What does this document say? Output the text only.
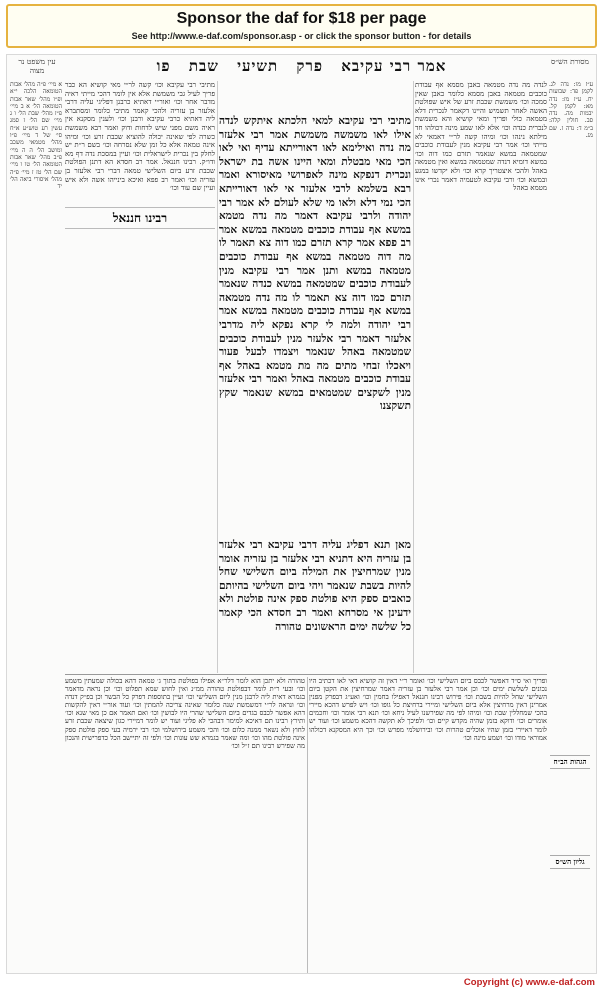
Sponsor the daf for $18 per page
See http://www.e-daf.com/sponsor.asp - or click the sponsor button - for details
עין משפט נר מצוה	אמר רבי עקיבא פרק תשיעי שבת פו	מסורת הש״ס
א מיי׳ פ״ה מהל׳ אבות הטומאה הלכה י״א ופ״ו מהל׳ שאר אבות הטומאה הל׳ א ב מיי׳ פ״ז מהל׳ שבת הל׳ ו ג מיי׳ שם הל׳ ז סמג עשין רע טוש״ע א״ח סי׳ של ד מיי׳ פ״ו מהל׳ מטמאי משכב ומושב הל׳ ה ה מיי׳ פ״ב מהל׳ שאר אבות הטומאה הל׳ טו ו מיי׳ שם הל׳ טז ז מיי׳ פ״ה מהל׳ איסורי ביאה הל׳ יד
מתיבי רבי עקיבא וכו׳ קשה לר״י מאי קושיא הא כבר פריך לעיל גבי משמשת אלא אין לומר דהכי מייתי ראיה מדבר אחר וכו׳ ואור״י דאתיא כרבנן דפליגי עליה דרבי אלעזר בן עזריה ולהכי קאמר מתיבי כלומר ומסתברא ליה דאתיא כרבי עקיבא ורבנן וכו׳ ולענין מסקנא אין ראיה משם מפני שיש לדחות ודוק ואמר רבא משמשת כשרה לפי שאינה יכולה להוציא שכבת זרע וכו׳ ומיהו אינה טמאה אלא כל זמן שלא נסרחה וכו׳ בשם ר״ת יש לחלק בין נכרית לישראלית וכו׳ ועיין במסכת נדה דף מא ודו״ק. רבינו חננאל. אמר רב חסדא הא דתנן הפולטת שכבת זרע ביום השלישי טמאה דברי רבי אלעזר בן עזריה וכו׳ ואמר רב פפא ואיכא בינייהו אשה ולא איש ועיין שם עוד וכו׳
רבינו חננאל
מתיבי רבי עקיבא למאי הלכתא איתקש לנדה אילו לאו משמשה משמשת אמר רבי אלעזר מה נדה ואילימא לאו דאורייתא עדיף ואי לאו הכי מאי מבטלת ומאי היינו אשה בת ישראל ונכרית דנפקא מינה לאפרושי מאיסורא ואמר רבא בשלמא לרבי אלעזר אי לאו דאורייתא הכי נמי דלא ולאו מי שלא לעולם לא אמר רבי יהודה ולרבי עקיבא דאמר מה נדה מטמא במשא אף עבודת כוכבים מטמאה במשא אמר רב פפא אמר קרא תזרם כמו דוה צא תאמר לו מה דוה מטמאה במשא אף עבודת כוכבים מטמאה במשא ותנן אמר רבי עקיבא מנין לעבודת כוכבים שמטמאה במשא כנדה שנאמר תזרם כמו דוה צא תאמר לו מה נדה מטמאה במשא אף עבודת כוכבים מטמאה במשא אמר רבי יהודה ולמה לי קרא נפקא ליה מדרבי אלעזר דאמר רבי אלעזר מנין לעבודת כוכבים שמטמאה באהל שנאמר ויצמדו לבעל פעור ויאכלו זבחי מתים מה מת מטמא באהל אף עבודת כוכבים מטמאה באהל ואמר רבי אלעזר מנין לשקצים שמטמאים במשא שנאמר שקץ תשקצנו
מאן תנא דפליג עליה דרבי עקיבא רבי אלעזר בן עזריה היא דתניא רבי אלעזר בן עזריה אומר מנין שמרחיצין את המילה ביום השלישי שחל להיות בשבת שנאמר ויהי ביום השלישי בהיותם כואבים ספק היא פולטת ספק אינה פולטת ולא ידעינן אי מסרחא ואמר רב חסדא הכי קאמר כל שלשה ימים הראשונים טהורה
לנדה מה נדה מטמאה באבן מסמא אף עבודת כוכבים מטמאה באבן מסמא כלומר כאבן שאין סמכה וכו׳ משמשת שכבת זרע של איש שפולטת האשה לאחר תשמיש והיינו דקאמר לנכרית דלא מטמאה כולי ופריך ומאי קושיא והא משמשת לנכרית כנדה וכו׳ אלא לאו שמע מינה דכולהו חד מילתא נינהו וכו׳ ומיהו קשה לר״י דאמאי לא מייתי וכו׳ אמר רבי עקיבא מנין לעבודת כוכבים שמטמאה במשא שנאמר תזרם כמו דוה וכו׳ במשא דומיא דנדה שמטמאה במשא ואין מטמאה באהל ולהכי איצטריך קרא וכו׳ ולא יקדשו במגע ובמשא וכו׳ ורבי עקיבא לטעמיה דאמר נכרי אינו מטמא באהל
ע״ז מו: נדה לג. לקמן פד: שבועות יח. ע״ז מז: נדה מא: לקמן קל. יבמות מה. נדה סב. חולין קלה: ב״מ ד: נדה ז. שם מג.
הגהות הב״ח
גליון הש״ס
טהורה ולא יתכן הוא לומר דלר״א אפילו בפולטת בתוך ג׳ טמאה דהא בכולה שמעתין משמע וכו׳ ובעי ר״ת לומר דבפולטת טהורה ממ״נ ואין לחוש שמא תפלוט וכו׳ וכן נראה מדאמר בגמרא דאית ליה לרבנן מנין ליום השלישי וכו׳ ועיין בתוספות דפרק כל הבשר וכן בפ״ק דנדה וכו׳ ונראה לר״י דמשמשת שנה כלומר שאינה צריכה להמתין וכו׳ ועוד אור״י דאין להקשות דהא אפשר לכבס בגדים ביום השלישי שהרי היו לבושין וכו׳ ואם תאמר אם כן מאי שנא וכו׳ ותירץ רבינו תם דאיכא למימר דבהכי לא פליגי ועוד יש לומר דמיירי כגון שיצאה שכבת זרע לחוץ ולא נשאר ממנה כלום וכו׳ והכי משמע בירושלמי וכו׳ רבי ירמיה בעי ספק פולטת ספק אינה פולטת מהו וכו׳ ומה שאמר בגמרא שש עונות וכו׳ ולפי זה יתיישב הכל כדפרישית והנכון מה שפירש רבינו תם ז״ל וכו׳
ופריך ואי ס״ד דאפשר לכבס ביום השלישי וכו׳ ואומר ר״י דאין זה קושיא דאי לאו דכתיב היו נכונים לשלשת ימים וכו׳ וכן אמר רבי אלעזר בן עזריה דאמר שמרחיצין את הקטן ביום השלישי שחל להיות בשבת וכו׳ פירוש רבינו חננאל דאפילו בחמין וכו׳ ואע״ג דבפרק מפנין אמרינן דאין מרחיצין אלא ביום השלישי ומיירי ברחיצת כל גופו וכו׳ ויש לפרש דהכא מיירי בהכי שמחללין שבת וכו׳ ומיהו לפי מה שפירשנו לעיל ניחא וכו׳ תנא רבי אומר וכו׳ וחכמים אומרים וכו׳ ודוקא בזמן שהיה מקדש קיים וכו׳ ולפיכך לא תקשה דהכא משמע וכו׳ ועוד יש לומר דאיירי בזמן שהיו אוכלים טהרות וכו׳ ובירושלמי מפרש וכו׳ וכך היא המסקנא דכולהו אמוראי מודו וכו׳ ושמע מינה וכו׳
Copyright (c) www.e-daf.com
